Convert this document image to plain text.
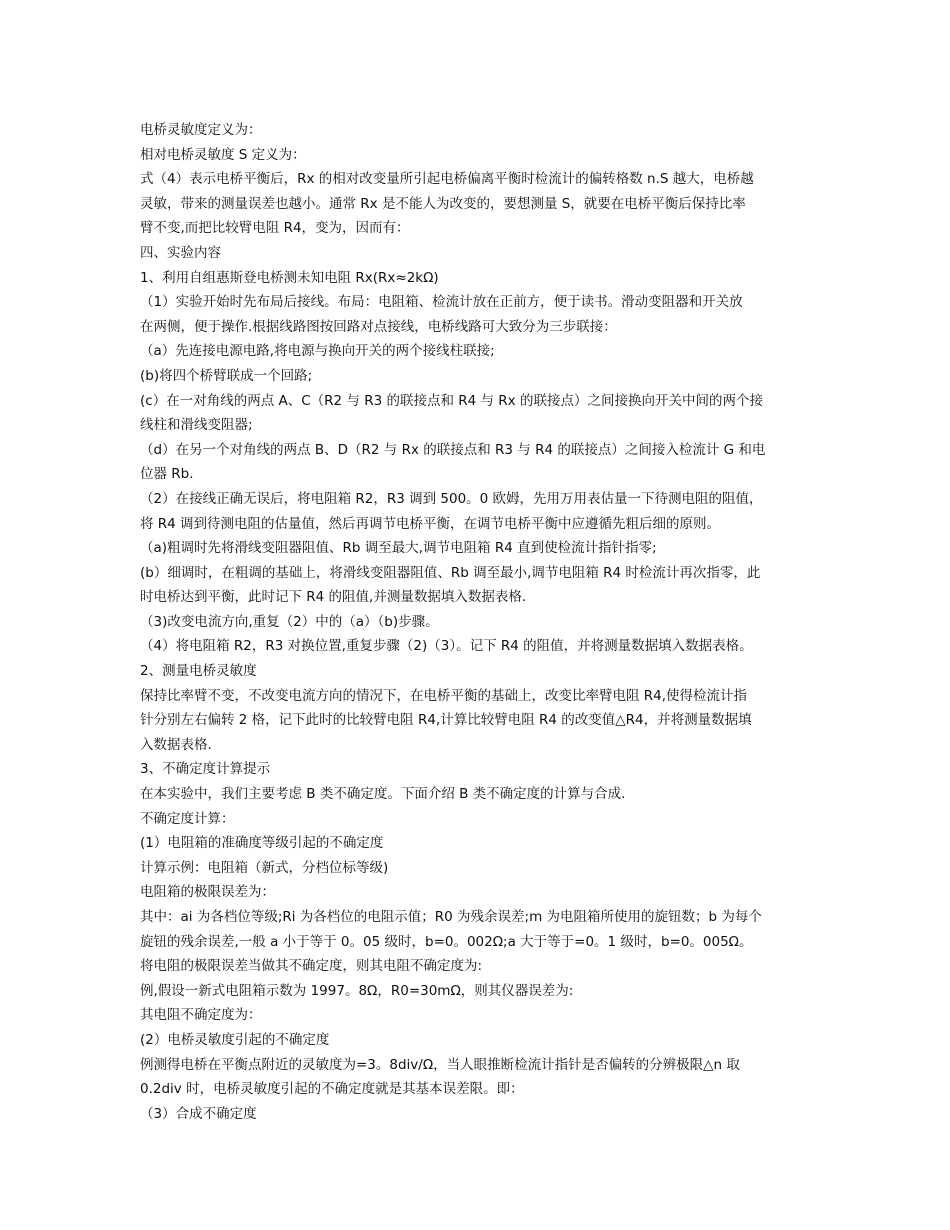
电桥灵敏度定义为：
相对电桥灵敏度 S 定义为：
式（4）表示电桥平衡后，Rx 的相对改变量所引起电桥偏离平衡时检流计的偏转格数 n.S 越大，电桥越
灵敏，带来的测量误差也越小。通常 Rx 是不能人为改变的，要想测量 S，就要在电桥平衡后保持比率
臂不变,而把比较臂电阻 R4，变为，因而有：
四、实验内容
1、利用自组惠斯登电桥测未知电阻 Rx(Rx≈2kΩ)
（1）实验开始时先布局后接线。布局：电阻箱、检流计放在正前方，便于读书。滑动变阻器和开关放
在两侧，便于操作.根据线路图按回路对点接线，电桥线路可大致分为三步联接：
（a）先连接电源电路,将电源与换向开关的两个接线柱联接;
(b)将四个桥臂联成一个回路;
(c）在一对角线的两点 A、C（R2 与 R3 的联接点和 R4 与 Rx 的联接点）之间接换向开关中间的两个接
线柱和滑线变阻器;
（d）在另一个对角线的两点 B、D（R2 与 Rx 的联接点和 R3 与 R4 的联接点）之间接入检流计 G 和电
位器 Rb.
（2）在接线正确无误后，将电阻箱 R2，R3 调到 500。0 欧姆，先用万用表估量一下待测电阻的阻值，
将 R4 调到待测电阻的估量值，然后再调节电桥平衡，在调节电桥平衡中应遵循先粗后细的原则。
（a)粗调时先将滑线变阻器阻值、Rb 调至最大,调节电阻箱 R4 直到使检流计指针指零;
(b）细调时，在粗调的基础上，将滑线变阻器阻值、Rb 调至最小,调节电阻箱 R4 时检流计再次指零，此
时电桥达到平衡，此时记下 R4 的阻值,并测量数据填入数据表格.
（3)改变电流方向,重复（2）中的（a）（b)步骤。
（4）将电阻箱 R2，R3 对换位置,重复步骤（2)（3）。记下 R4 的阻值，并将测量数据填入数据表格。
2、测量电桥灵敏度
保持比率臂不变，不改变电流方向的情况下，在电桥平衡的基础上，改变比率臂电阻 R4,使得检流计指
针分别左右偏转 2 格，记下此时的比较臂电阻 R4,计算比较臂电阻 R4 的改变值△R4，并将测量数据填
入数据表格.
3、不确定度计算提示
在本实验中，我们主要考虑 B 类不确定度。下面介绍 B 类不确定度的计算与合成.
不确定度计算：
(1）电阻箱的准确度等级引起的不确定度
计算示例：电阻箱（新式，分档位标等级)
电阻箱的极限误差为：
其中：ai 为各档位等级;Ri 为各档位的电阻示值；R0 为残余误差;m 为电阻箱所使用的旋钮数；b 为每个
旋钮的残余误差,一般 a 小于等于 0。05 级时，b=0。002Ω;a 大于等于=0。1 级时，b=0。005Ω。
将电阻的极限误差当做其不确定度，则其电阻不确定度为:
例,假设一新式电阻箱示数为 1997。8Ω，R0=30mΩ，则其仪器误差为:
其电阻不确定度为：
(2）电桥灵敏度引起的不确定度
例测得电桥在平衡点附近的灵敏度为=3。8div/Ω，当人眼推断检流计指针是否偏转的分辨极限△n 取
0.2div 时，电桥灵敏度引起的不确定度就是其基本误差限。即：
（3）合成不确定度
